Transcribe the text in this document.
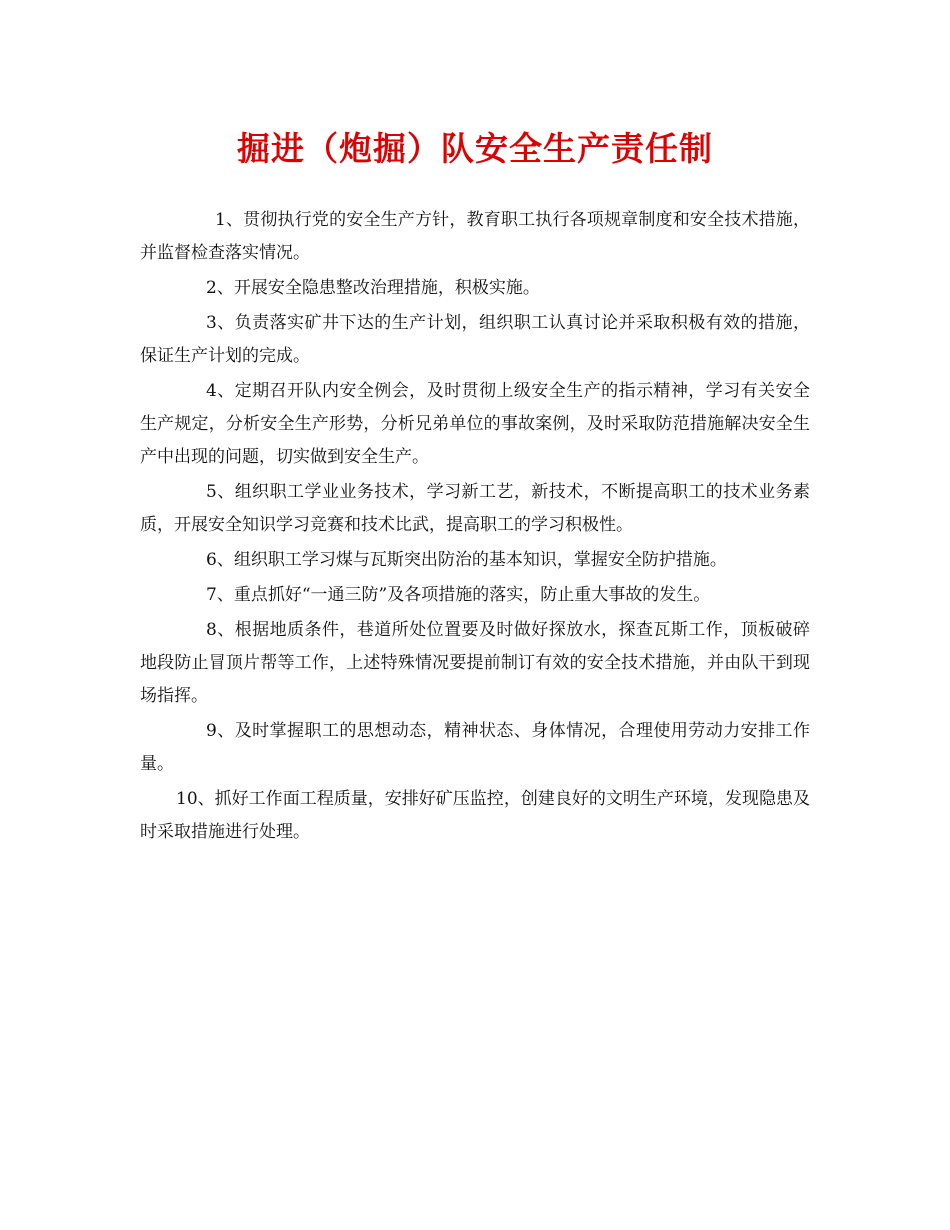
掘进（炮掘）队安全生产责任制

1、贯彻执行党的安全生产方针，教育职工执行各项规章制度和安全技术措施，并监督检查落实情况。

2、开展安全隐患整改治理措施，积极实施。

3、负责落实矿井下达的生产计划，组织职工认真讨论并采取积极有效的措施，保证生产计划的完成。

4、定期召开队内安全例会，及时贯彻上级安全生产的指示精神，学习有关安全生产规定，分析安全生产形势，分析兄弟单位的事故案例，及时采取防范措施解决安全生产中出现的问题，切实做到安全生产。

5、组织职工学业业务技术，学习新工艺，新技术，不断提高职工的技术业务素质，开展安全知识学习竞赛和技术比武，提高职工的学习积极性。

6、组织职工学习煤与瓦斯突出防治的基本知识，掌握安全防护措施。

7、重点抓好“一通三防”及各项措施的落实，防止重大事故的发生。

8、根据地质条件，巷道所处位置要及时做好探放水，探查瓦斯工作，顶板破碎地段防止冒顶片帮等工作，上述特殊情况要提前制订有效的安全技术措施，并由队干到现场指挥。

9、及时掌握职工的思想动态，精神状态、身体情况，合理使用劳动力安排工作量。

10、抓好工作面工程质量，安排好矿压监控，创建良好的文明生产环境，发现隐患及时采取措施进行处理。
